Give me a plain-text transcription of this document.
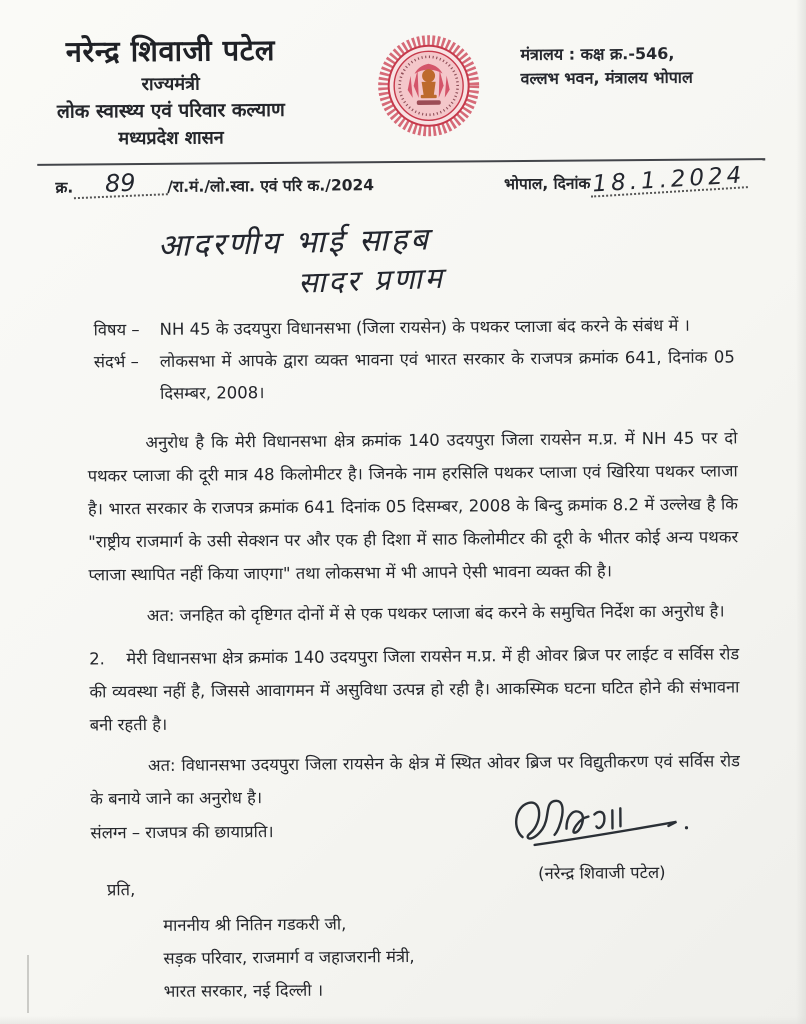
नरेन्द्र शिवाजी पटेल
राज्यमंत्री
लोक स्वास्थ्य एवं परिवार कल्याण
मध्यप्रदेश शासन
मंत्रालय : कक्ष क्र.-546,
वल्लभ भवन, मंत्रालय भोपाल
क्र.	89	/रा.मं./लो.स्वा. एवं परि क./2024	भोपाल, दिनांक 18.1.2024
आदरणीय भाई साहब
सादर प्रणाम
विषय –	NH 45 के उदयपुरा विधानसभा (जिला रायसेन) के पथकर प्लाजा बंद करने के संबंध में ।
संदर्भ –	लोकसभा में आपके द्वारा व्यक्त भावना एवं भारत सरकार के राजपत्र क्रमांक 641, दिनांक 05 दिसम्बर, 2008।

अनुरोध है कि मेरी विधानसभा क्षेत्र क्रमांक 140 उदयपुरा जिला रायसेन म.प्र. में NH 45 पर दो पथकर प्लाजा की दूरी मात्र 48 किलोमीटर है। जिनके नाम हरसिलि पथकर प्लाजा एवं खिरिया पथकर प्लाजा है। भारत सरकार के राजपत्र क्रमांक 641 दिनांक 05 दिसम्बर, 2008 के बिन्दु क्रमांक 8.2 में उल्लेख है कि "राष्ट्रीय राजमार्ग के उसी सेक्शन पर और एक ही दिशा में साठ किलोमीटर की दूरी के भीतर कोई अन्य पथकर प्लाजा स्थापित नहीं किया जाएगा" तथा लोकसभा में भी आपने ऐसी भावना व्यक्त की है।

अत: जनहित को दृष्टिगत दोनों में से एक पथकर प्लाजा बंद करने के समुचित निर्देश का अनुरोध है।

2. मेरी विधानसभा क्षेत्र क्रमांक 140 उदयपुरा जिला रायसेन म.प्र. में ही ओवर ब्रिज पर लाईट व सर्विस रोड की व्यवस्था नहीं है, जिससे आवागमन में असुविधा उत्पन्न हो रही है। आकस्मिक घटना घटित होने की संभावना बनी रहती है।

अत: विधानसभा उदयपुरा जिला रायसेन के क्षेत्र में स्थित ओवर ब्रिज पर विद्युतीकरण एवं सर्विस रोड के बनाये जाने का अनुरोध है।

संलग्न – राजपत्र की छायाप्रति।
(नरेन्द्र शिवाजी पटेल)
प्रति,
माननीय श्री नितिन गडकरी जी,
सड़क परिवार, राजमार्ग व जहाजरानी मंत्री,
भारत सरकार, नई दिल्ली ।
